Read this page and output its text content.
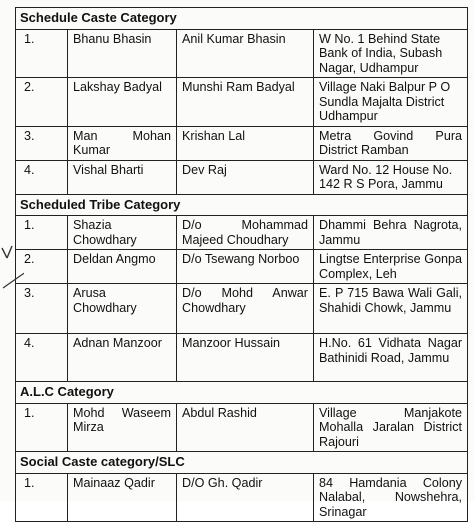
Schedule Caste Category			
1.	Bhanu Bhasin	Anil Kumar Bhasin	W No. 1 Behind State Bank of India, Subash Nagar, Udhampur
2.	Lakshay Badyal	Munshi Ram Badyal	Village Naki Balpur P O Sundla Majalta District Udhampur
3.	Man Mohan Kumar	Krishan Lal	Metra Govind Pura District Ramban
4.	Vishal Bharti	Dev Raj	Ward No. 12 House No. 142 R S Pora, Jammu
Scheduled Tribe Category			
1.	Shazia Chowdhary	D/o Mohammad Majeed Choudhary	Dhammi Behra Nagrota, Jammu
2.	Deldan Angmo	D/o Tsewang Norboo	Lingtse Enterprise Gonpa Complex, Leh
3.	Arusa Chowdhary	D/o Mohd Anwar Chowdhary	E. P 715 Bawa Wali Gali, Shahidi Chowk, Jammu
4.	Adnan Manzoor	Manzoor Hussain	H.No. 61 Vidhata Nagar Bathinidi Road, Jammu
A.L.C Category			
1.	Mohd Waseem Mirza	Abdul Rashid	Village Manjakote Mohalla Jaralan District Rajouri
Social Caste category/SLC			
1.	Mainaaz Qadir	D/O Gh. Qadir	84 Hamdania Colony Nalabal, Nowshehra, Srinagar
